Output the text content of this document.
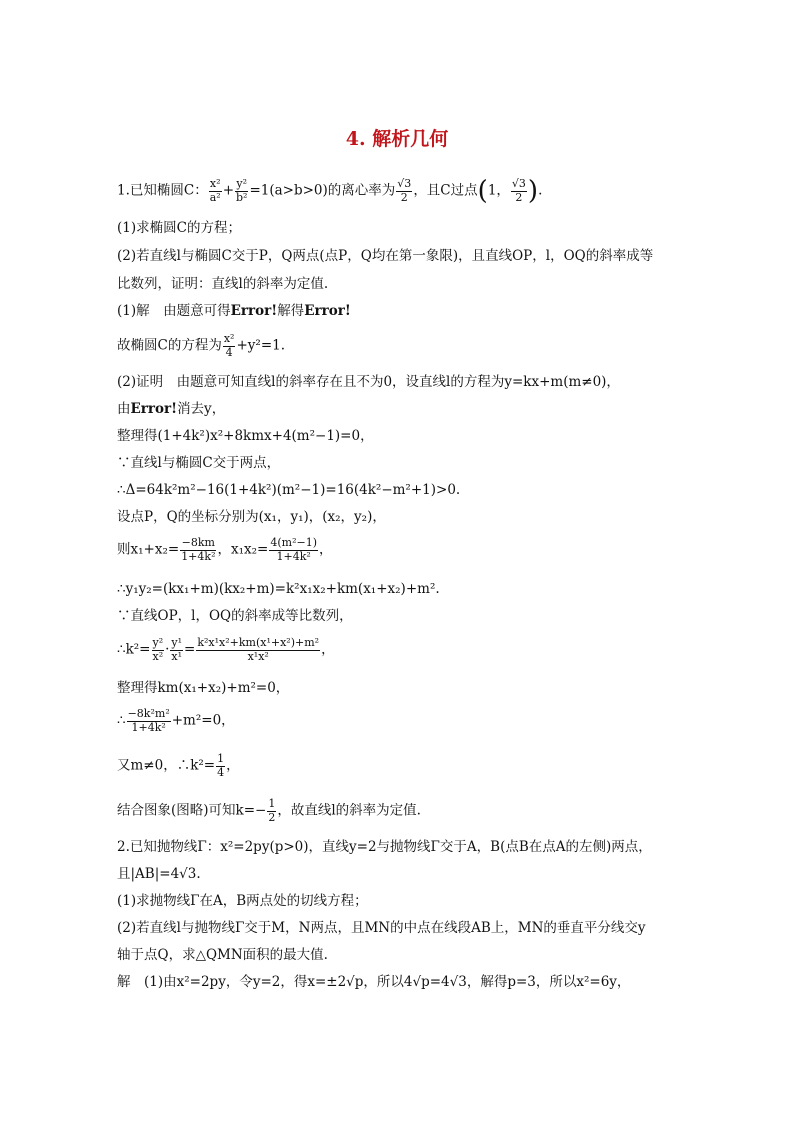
4. 解析几何
1.已知椭圆C： $\frac{\text{x²}}{\text{a²}} + \frac{\text{y²}}{\text{b²}} =1(a>b>0)$的离心率为 $\frac{√3}{2}$ ，且C过点(1， $\frac{√3}{2}$ ).
(1)求椭圆C的方程；
(2)若直线l与椭圆C交于P，Q两点(点P，Q均在第一象限)，且直线OP，l，OQ的斜率成等
比数列，证明：直线l的斜率为定值.
(1)解　由题意可得Error!解得Error!
故椭圆C的方程为 $\frac{\text{x²}}{4} +y^2=1$.
(2)证明　由题意可知直线l的斜率存在且不为0，设直线l的方程为y=kx+m(m≠0)，
由Error!消去y，
整理得(1+4k²)x²+8kmx+4(m²−1)=0，
∵直线l与椭圆C交于两点，
∴Δ=64k²m²−16(1+4k²)(m²−1)=16(4k²−m²+1)>0.
设点P，Q的坐标分别为(x₁，y₁)，(x₂，y₂)，
则$x_1+x_2= \frac{-8km}{\text{1+4k²}}$ ，$x_1x_2= \frac{\text{4(m²−1)}}{\text{1+4k²}}$ ，
∴y₁y₂=(kx₁+m)(kx₂+m)=k²x₁x₂+km(x₁+x₂)+m².
∵直线OP，l，OQ的斜率成等比数列，
∴k²= $\frac{\text{y²}}{\text{x²}} \cdot \frac{\text{y¹}}{\text{x¹}} = \frac{\text{k²x¹x²+km(x¹+x²)+m²}}{\text{x¹x²}}$ ，
整理得km(x₁+x₂)+m²=0，
∴ $\frac{\text{−8k²m²}}{\text{1+4k²}} +m^2=0$，
又m≠0，∴k²= $\frac{1}{4}$ ，
结合图象(图略)可知$k=- \frac{1}{2}$ ，故直线l的斜率为定值.
2.已知抛物线Γ：x²=2py(p>0)，直线y=2与抛物线Γ交于A，B(点B在点A的左侧)两点，
且|AB|=4√3.
(1)求抛物线Γ在A，B两点处的切线方程；
(2)若直线l与抛物线Γ交于M，N两点，且MN的中点在线段AB上，MN的垂直平分线交y
轴于点Q，求△QMN面积的最大值.
解　(1)由x²=2py，令y=2，得x=±2√p，所以4√p=4√3，解得p=3，所以x²=6y，
